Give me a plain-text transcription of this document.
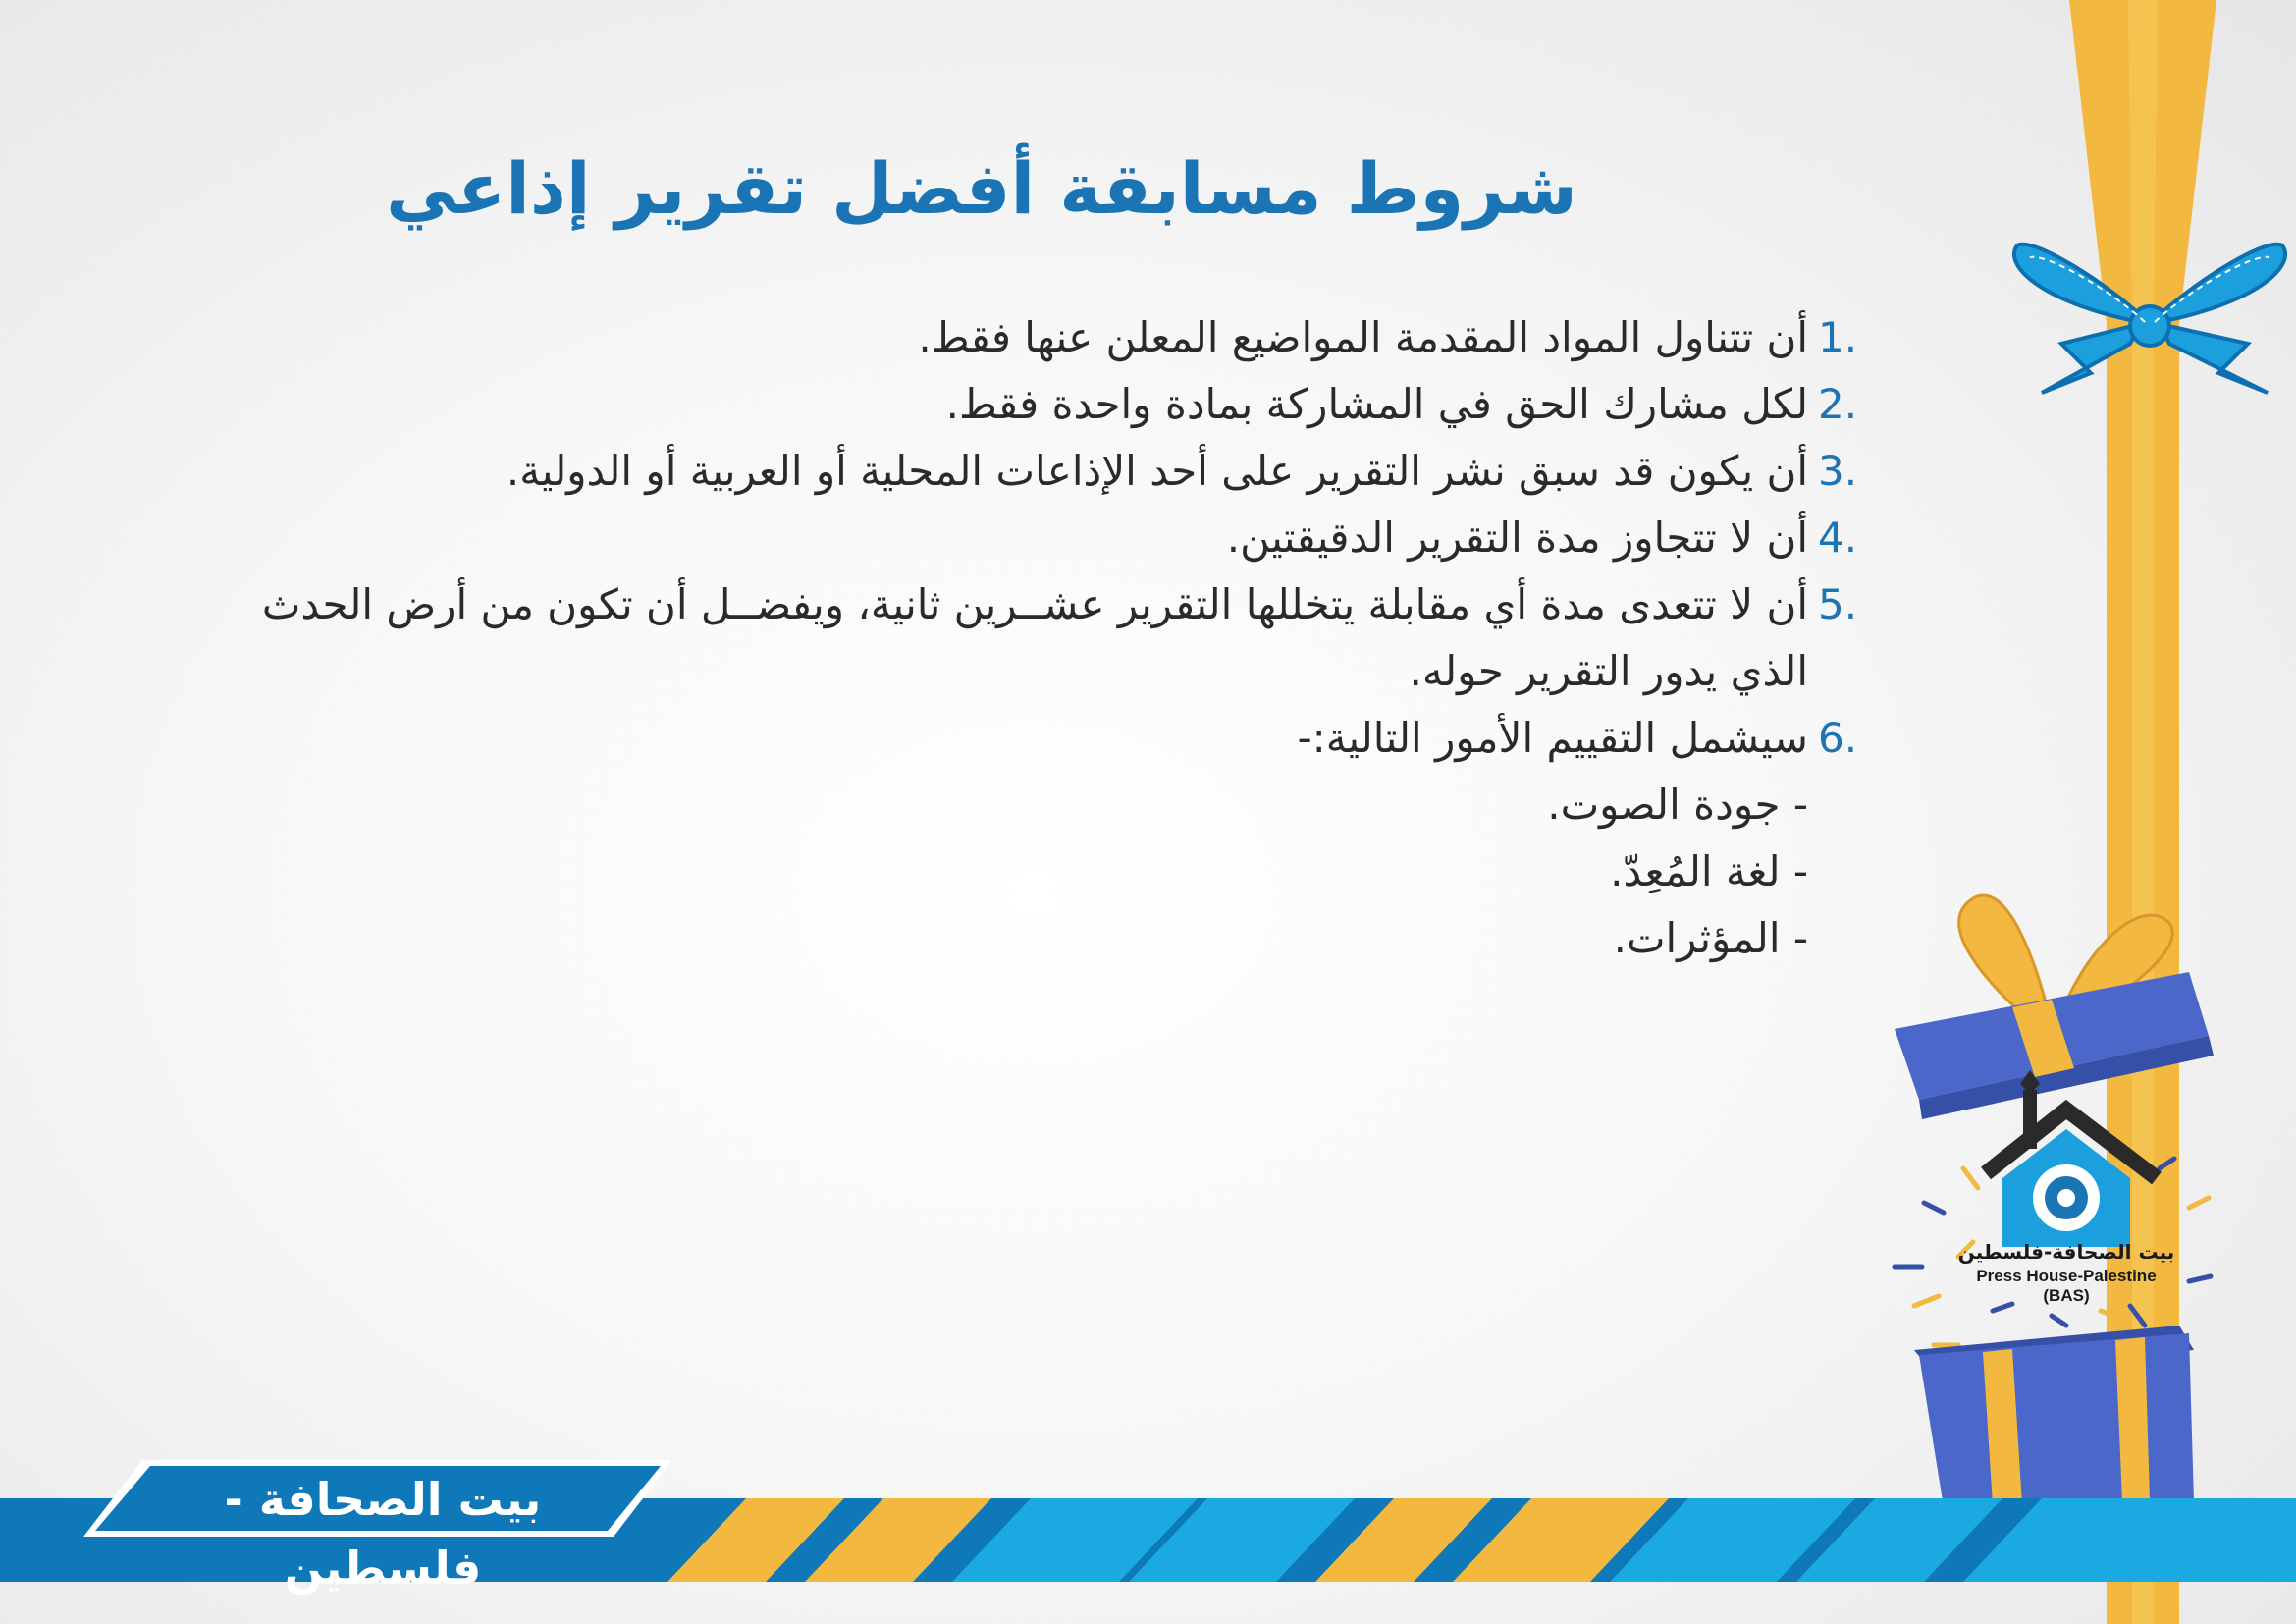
شروط مسابقة أفضل تقرير إذاعي
1.
أن تتناول المواد المقدمة المواضيع المعلن عنها فقط.
2.
لكل مشارك الحق في المشاركة بمادة واحدة فقط.
3.
أن يكون قد سبق نشر التقرير على أحد الإذاعات المحلية أو العربية أو الدولية.
4.
أن لا تتجاوز مدة التقرير الدقيقتين.
5.
أن لا تتعدى مدة أي مقابلة يتخللها التقرير عشــرين ثانية، ويفضــل أن تكون من أرض الحدث
الذي يدور التقرير حوله.
6.
سيشمل التقييم الأمور التالية:-
- جودة الصوت.
- لغة المُعِدّ.
- المؤثرات.
بيت الصحافة-فلسطين
Press House-Palestine
(BAS)
بيت الصحافة - فلسطين
